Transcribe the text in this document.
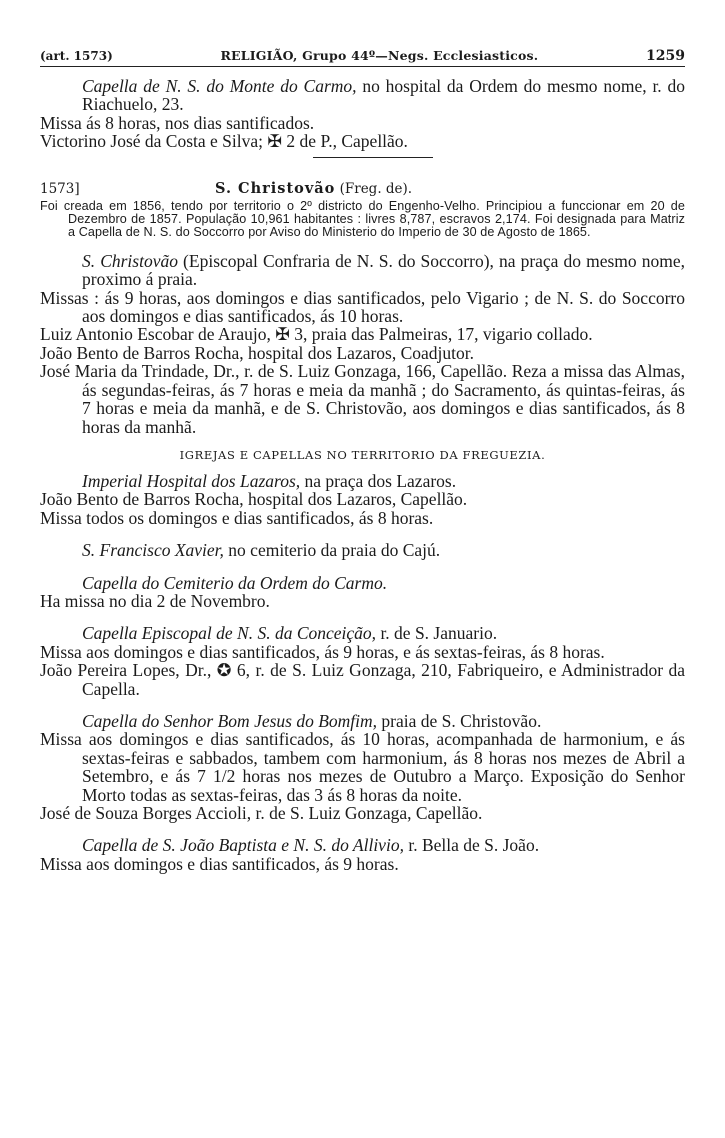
(art. 1573)	RELIGIÃO, Grupo 44º—Negs. Ecclesiasticos.	1259

Capella de N. S. do Monte do Carmo, no hospital da Ordem do mesmo nome, r. do Riachuelo, 23.

Missa ás 8 horas, nos dias santificados.

Victorino José da Costa e Silva; ✠ 2 de P., Capellão.

1573]	S. Christovão (Freg. de).

Foi creada em 1856, tendo por territorio o 2º districto do Engenho-Velho. Principiou a funccionar em 20 de Dezembro de 1857. População 10,961 habitantes : livres 8,787, escravos 2,174. Foi designada para Matriz a Capella de N. S. do Soccorro por Aviso do Ministerio do Imperio de 30 de Agosto de 1865.

S. Christovão (Episcopal Confraria de N. S. do Soccorro), na praça do mesmo nome, proximo á praia.

Missas : ás 9 horas, aos domingos e dias santificados, pelo Vigario ; de N. S. do Soccorro aos domingos e dias santificados, ás 10 horas.

Luiz Antonio Escobar de Araujo, ✠ 3, praia das Palmeiras, 17, vigario collado.

João Bento de Barros Rocha, hospital dos Lazaros, Coadjutor.

José Maria da Trindade, Dr., r. de S. Luiz Gonzaga, 166, Capellão. Reza a missa das Almas, ás segundas-feiras, ás 7 horas e meia da manhã ; do Sacramento, ás quintas-feiras, ás 7 horas e meia da manhã, e de S. Christovão, aos domingos e dias santificados, ás 8 horas da manhã.

IGREJAS E CAPELLAS NO TERRITORIO DA FREGUEZIA.

Imperial Hospital dos Lazaros, na praça dos Lazaros.

João Bento de Barros Rocha, hospital dos Lazaros, Capellão.

Missa todos os domingos e dias santificados, ás 8 horas.

S. Francisco Xavier, no cemiterio da praia do Cajú.

Capella do Cemiterio da Ordem do Carmo.

Ha missa no dia 2 de Novembro.

Capella Episcopal de N. S. da Conceição, r. de S. Januario.

Missa aos domingos e dias santificados, ás 9 horas, e ás sextas-feiras, ás 8 horas.

João Pereira Lopes, Dr., ✪ 6, r. de S. Luiz Gonzaga, 210, Fabriqueiro, e Administrador da Capella.

Capella do Senhor Bom Jesus do Bomfim, praia de S. Christovão.

Missa aos domingos e dias santificados, ás 10 horas, acompanhada de harmonium, e ás sextas-feiras e sabbados, tambem com harmonium, ás 8 horas nos mezes de Abril a Setembro, e ás 7 1/2 horas nos mezes de Outubro a Março. Exposição do Senhor Morto todas as sextas-feiras, das 3 ás 8 horas da noite.

José de Souza Borges Accioli, r. de S. Luiz Gonzaga, Capellão.

Capella de S. João Baptista e N. S. do Allivio, r. Bella de S. João.

Missa aos domingos e dias santificados, ás 9 horas.
